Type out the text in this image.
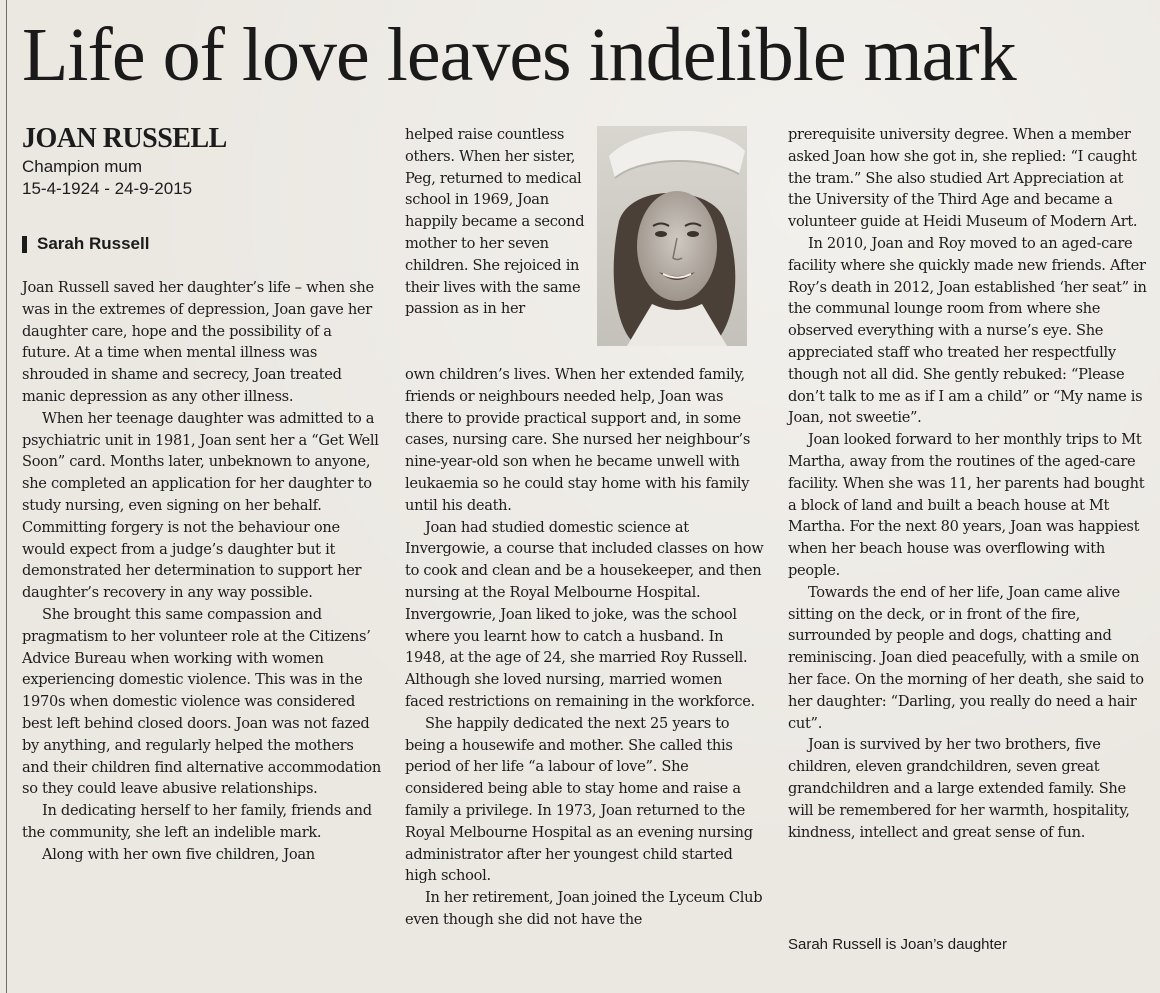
Life of love leaves indelible mark
JOAN RUSSELL
Champion mum
15-4-1924 - 24-9-2015
Sarah Russell

Joan Russell saved her daughter’s life – when she was in the extremes of depression, Joan gave her daughter care, hope and the possibility of a future. At a time when mental illness was shrouded in shame and secrecy, Joan treated manic depression as any other illness.

When her teenage daughter was admitted to a psychiatric unit in 1981, Joan sent her a “Get Well Soon” card. Months later, unbeknown to anyone, she completed an application for her daughter to study nursing, even signing on her behalf. Committing forgery is not the behaviour one would expect from a judge’s daughter but it demonstrated her determination to support her daughter’s recovery in any way possible.

She brought this same compassion and pragmatism to her volunteer role at the Citizens’ Advice Bureau when working with women experiencing domestic violence. This was in the 1970s when domestic violence was considered best left behind closed doors. Joan was not fazed by anything, and regularly helped the mothers and their children find alternative accommodation so they could leave abusive relationships.

In dedicating herself to her family, friends and the community, she left an indelible mark.

Along with her own five children, Joan

helped raise countless others. When her sister, Peg, returned to medical school in 1969, Joan happily became a second mother to her seven children. She rejoiced in their lives with the same passion as in her

own children’s lives. When her extended family, friends or neighbours needed help, Joan was there to provide practical support and, in some cases, nursing care. She nursed her neighbour’s nine-year-old son when he became unwell with leukaemia so he could stay home with his family until his death.

Joan had studied domestic science at Invergowie, a course that included classes on how to cook and clean and be a housekeeper, and then nursing at the Royal Melbourne Hospital. Invergowrie, Joan liked to joke, was the school where you learnt how to catch a husband. In 1948, at the age of 24, she married Roy Russell. Although she loved nursing, married women faced restrictions on remaining in the workforce.

She happily dedicated the next 25 years to being a housewife and mother. She called this period of her life “a labour of love”. She considered being able to stay home and raise a family a privilege. In 1973, Joan returned to the Royal Melbourne Hospital as an evening nursing administrator after her youngest child started high school.

In her retirement, Joan joined the Lyceum Club even though she did not have the

prerequisite university degree. When a member asked Joan how she got in, she replied: “I caught the tram.” She also studied Art Appreciation at the University of the Third Age and became a volunteer guide at Heidi Museum of Modern Art.

In 2010, Joan and Roy moved to an aged-care facility where she quickly made new friends. After Roy’s death in 2012, Joan established ‘her seat” in the communal lounge room from where she observed everything with a nurse’s eye. She appreciated staff who treated her respectfully though not all did. She gently rebuked: “Please don’t talk to me as if I am a child” or “My name is Joan, not sweetie”.

Joan looked forward to her monthly trips to Mt Martha, away from the routines of the aged-care facility. When she was 11, her parents had bought a block of land and built a beach house at Mt Martha. For the next 80 years, Joan was happiest when her beach house was overflowing with people.

Towards the end of her life, Joan came alive sitting on the deck, or in front of the fire, surrounded by people and dogs, chatting and reminiscing. Joan died peacefully, with a smile on her face. On the morning of her death, she said to her daughter: “Darling, you really do need a hair cut”.

Joan is survived by her two brothers, five children, eleven grandchildren, seven great grandchildren and a large extended family. She will be remembered for her warmth, hospitality, kindness, intellect and great sense of fun.

Sarah Russell is Joan’s daughter
